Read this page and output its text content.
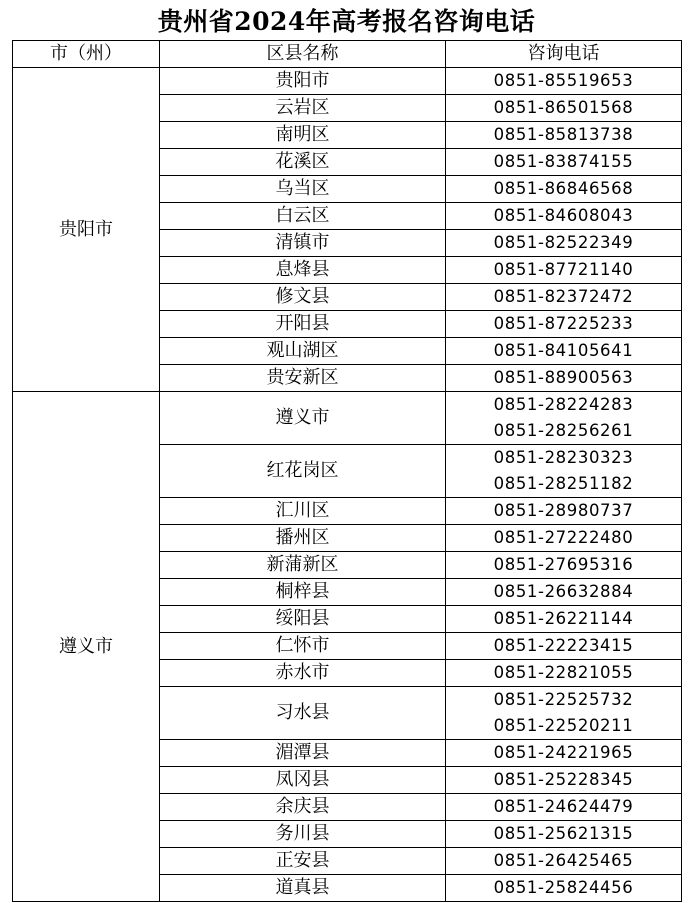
贵州省2024年高考报名咨询电话
市（州）	区县名称	咨询电话
贵阳市	贵阳市	0851-85519653

	云岩区	0851-86501568

	南明区	0851-85813738

	花溪区	0851-83874155

	乌当区	0851-86846568

	白云区	0851-84608043

	清镇市	0851-82522349

	息烽县	0851-87721140

	修文县	0851-82372472

	开阳县	0851-87225233

	观山湖区	0851-84105641

	贵安新区	0851-88900563

遵义市	遵义市	0851-28224283
0851-28256261

	红花岗区	0851-28230323
0851-28251182

	汇川区	0851-28980737

	播州区	0851-27222480

	新蒲新区	0851-27695316

	桐梓县	0851-26632884

	绥阳县	0851-26221144

	仁怀市	0851-22223415

	赤水市	0851-22821055

	习水县	0851-22525732
0851-22520211

	湄潭县	0851-24221965

	凤冈县	0851-25228345

	余庆县	0851-24624479

	务川县	0851-25621315

	正安县	0851-26425465

	道真县	0851-25824456
